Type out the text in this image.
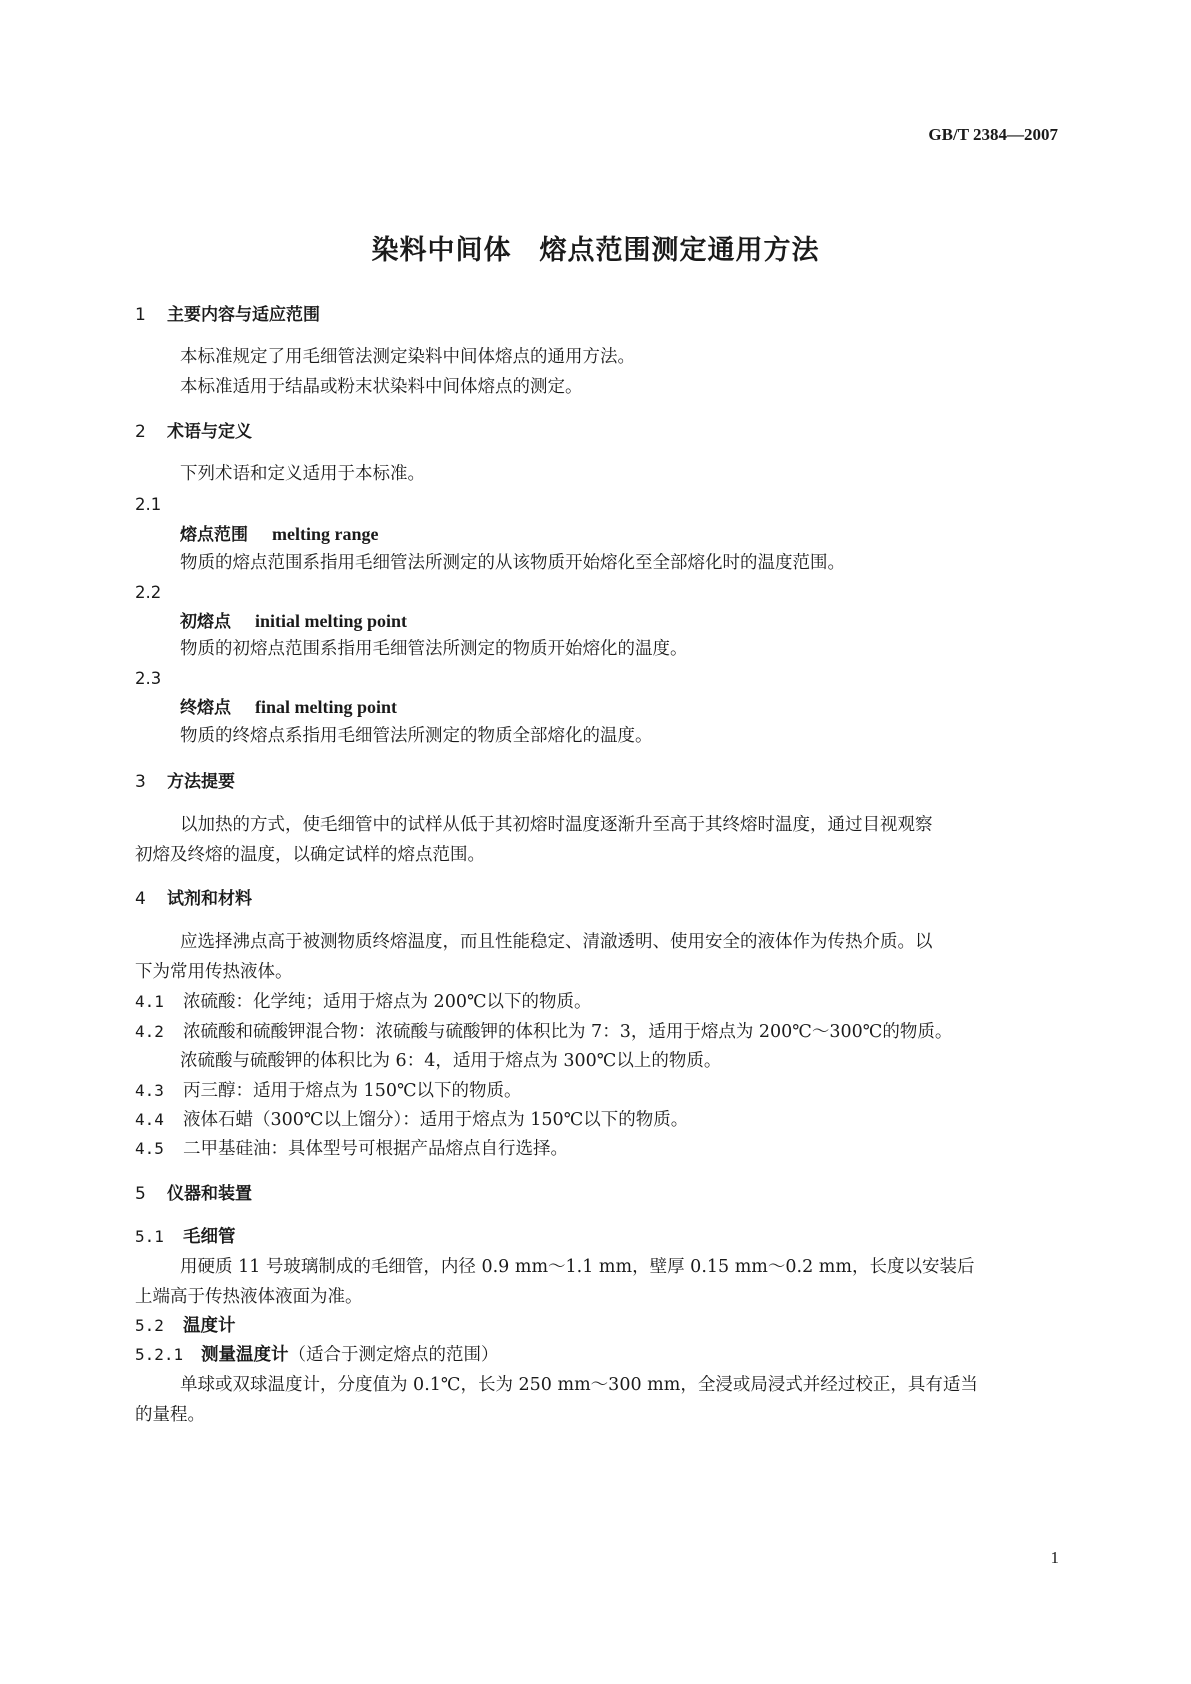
GB/T 2384—2007
染料中间体　熔点范围测定通用方法
1 主要内容与适应范围
本标准规定了用毛细管法测定染料中间体熔点的通用方法。
本标准适用于结晶或粉末状染料中间体熔点的测定。
2 术语与定义
下列术语和定义适用于本标准。
2.1
熔点范围 melting range
物质的熔点范围系指用毛细管法所测定的从该物质开始熔化至全部熔化时的温度范围。
2.2
初熔点 initial melting point
物质的初熔点范围系指用毛细管法所测定的物质开始熔化的温度。
2.3
终熔点 final melting point
物质的终熔点系指用毛细管法所测定的物质全部熔化的温度。
3 方法提要
以加热的方式，使毛细管中的试样从低于其初熔时温度逐渐升至高于其终熔时温度，通过目视观察
初熔及终熔的温度，以确定试样的熔点范围。
4 试剂和材料
应选择沸点高于被测物质终熔温度，而且性能稳定、清澈透明、使用安全的液体作为传热介质。以
下为常用传热液体。
4.1 浓硫酸：化学纯；适用于熔点为 200℃以下的物质。
4.2 浓硫酸和硫酸钾混合物：浓硫酸与硫酸钾的体积比为 7：3，适用于熔点为 200℃～300℃的物质。
浓硫酸与硫酸钾的体积比为 6：4，适用于熔点为 300℃以上的物质。
4.3 丙三醇：适用于熔点为 150℃以下的物质。
4.4 液体石蜡（300℃以上馏分）：适用于熔点为 150℃以下的物质。
4.5 二甲基硅油：具体型号可根据产品熔点自行选择。
5 仪器和装置
5.1 毛细管
用硬质 11 号玻璃制成的毛细管，内径 0.9 mm～1.1 mm，壁厚 0.15 mm～0.2 mm，长度以安装后
上端高于传热液体液面为准。
5.2 温度计
5.2.1 测量温度计（适合于测定熔点的范围）
单球或双球温度计，分度值为 0.1℃，长为 250 mm～300 mm，全浸或局浸式并经过校正，具有适当
的量程。
1
